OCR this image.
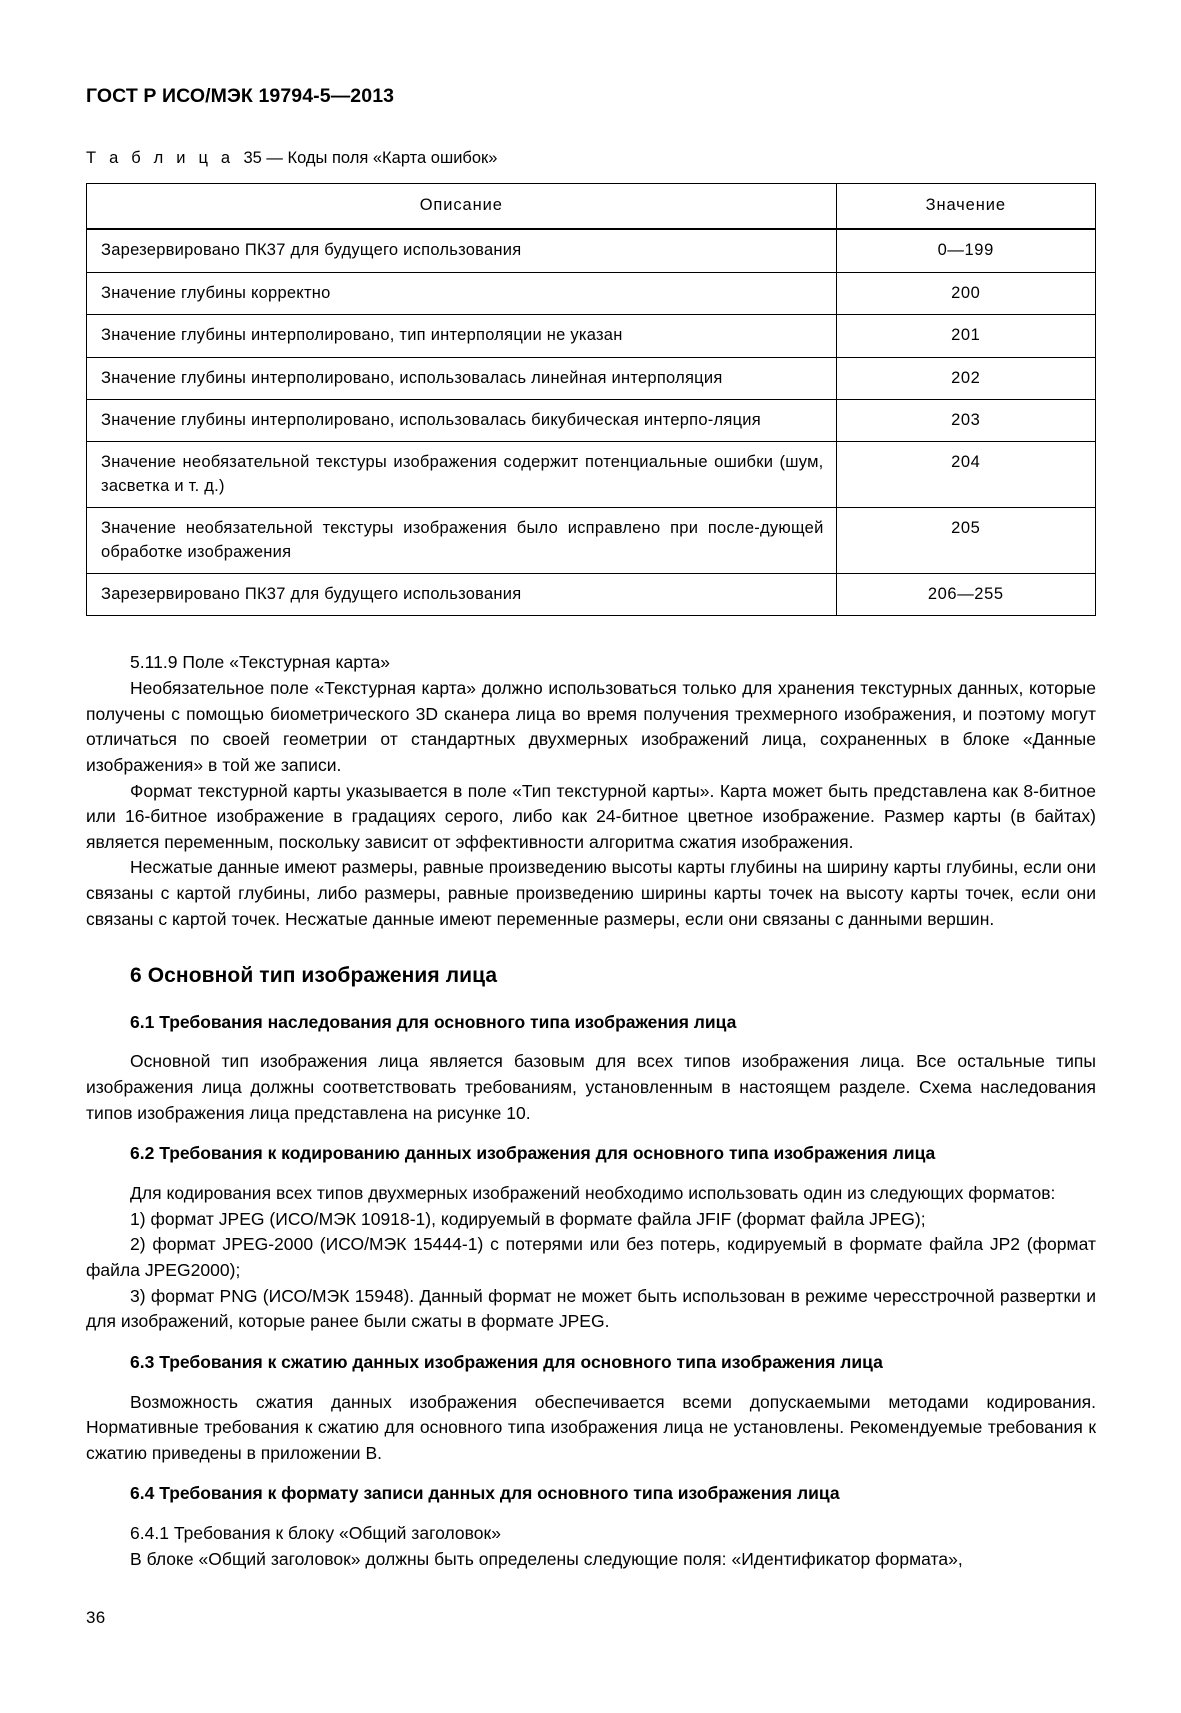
ГОСТ Р ИСО/МЭК 19794-5—2013
Т а б л и ц а  35 — Коды поля «Карта ошибок»
Описание	Значение
Зарезервировано ПК37 для будущего использования	0—199
Значение глубины корректно	200
Значение глубины интерполировано, тип интерполяции не указан	201
Значение глубины интерполировано, использовалась линейная интерполяция	202
Значение глубины интерполировано, использовалась бикубическая интерпо-ляция	203
Значение необязательной текстуры изображения содержит потенциальные ошибки (шум, засветка и т. д.)	204
Значение необязательной текстуры изображения было исправлено при после-дующей обработке изображения	205
Зарезервировано ПК37 для будущего использования	206—255

5.11.9 Поле «Текстурная карта»

Необязательное поле «Текстурная карта» должно использоваться только для хранения текстурных данных, которые получены с помощью биометрического 3D сканера лица во время получения трехмерного изображения, и поэтому могут отличаться по своей геометрии от стандартных двухмерных изображений лица, сохраненных в блоке «Данные изображения» в той же записи.

Формат текстурной карты указывается в поле «Тип текстурной карты». Карта может быть представлена как 8-битное или 16-битное изображение в градациях серого, либо как 24-битное цветное изображение. Размер карты (в байтах) является переменным, поскольку зависит от эффективности алгоритма сжатия изображения.

Несжатые данные имеют размеры, равные произведению высоты карты глубины на ширину карты глубины, если они связаны с картой глубины, либо размеры, равные произведению ширины карты точек на высоту карты точек, если они связаны с картой точек. Несжатые данные имеют переменные размеры, если они связаны с данными вершин.

6 Основной тип изображения лица
6.1 Требования наследования для основного типа изображения лица

Основной тип изображения лица является базовым для всех типов изображения лица. Все остальные типы изображения лица должны соответствовать требованиям, установленным в настоящем разделе. Схема наследования типов изображения лица представлена на рисунке 10.

6.2 Требования к кодированию данных изображения для основного типа изображения лица

Для кодирования всех типов двухмерных изображений необходимо использовать один из следующих форматов:

1) формат JPEG (ИСО/МЭК 10918-1), кодируемый в формате файла JFIF (формат файла JPEG);

2) формат JPEG-2000 (ИСО/МЭК 15444-1) с потерями или без потерь, кодируемый в формате файла JP2 (формат файла JPEG2000);

3) формат PNG (ИСО/МЭК 15948). Данный формат не может быть использован в режиме чересстрочной развертки и для изображений, которые ранее были сжаты в формате JPEG.

6.3 Требования к сжатию данных изображения для основного типа изображения лица

Возможность сжатия данных изображения обеспечивается всеми допускаемыми методами кодирования. Нормативные требования к сжатию для основного типа изображения лица не установлены. Рекомендуемые требования к сжатию приведены в приложении В.

6.4 Требования к формату записи данных для основного типа изображения лица

6.4.1 Требования к блоку «Общий заголовок»

В блоке «Общий заголовок» должны быть определены следующие поля: «Идентификатор формата»,

36
